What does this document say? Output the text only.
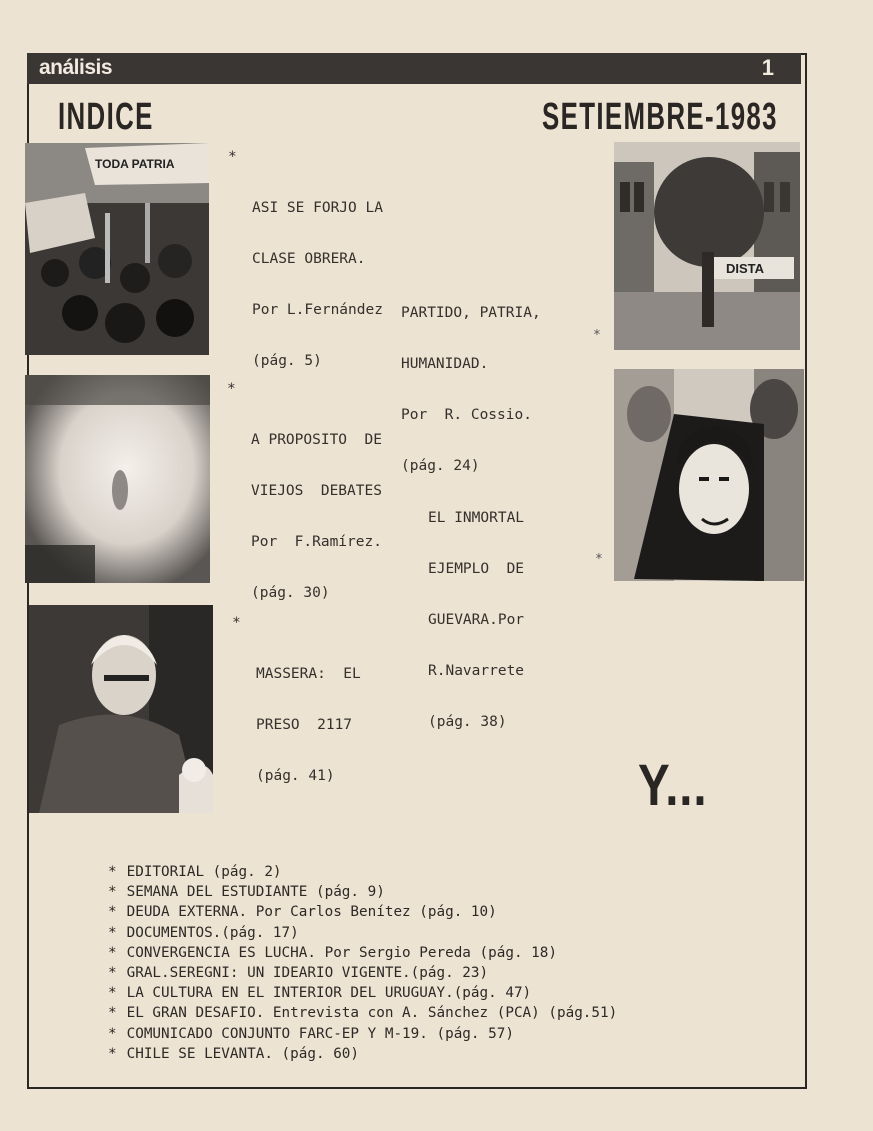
análisis	1
INDICE	SETIEMBRE-1983
TODA PATRIA
DISTA

*

ASI SE FORJO LA

CLASE OBRERA.

Por L.Fernández

(pág. 5)

PARTIDO, PATRIA,

HUMANIDAD.

Por  R. Cossio.

(pág. 24)

*

*

A PROPOSITO  DE

VIEJOS  DEBATES

Por  F.Ramírez.

(pág. 30)

EL INMORTAL

EJEMPLO  DE

GUEVARA.Por

R.Navarrete

(pág. 38)

*

*

MASSERA:  EL

PRESO  2117

(pág. 41)	Y...
* EDITORIAL (pág. 2)
* SEMANA DEL ESTUDIANTE (pág. 9)
* DEUDA EXTERNA. Por Carlos Benítez (pág. 10)
* DOCUMENTOS.(pág. 17)
* CONVERGENCIA ES LUCHA. Por Sergio Pereda (pág. 18)
* GRAL.SEREGNI: UN IDEARIO VIGENTE.(pág. 23)
* LA CULTURA EN EL INTERIOR DEL URUGUAY.(pág. 47)
* EL GRAN DESAFIO. Entrevista con A. Sánchez (PCA) (pág.51)
* COMUNICADO CONJUNTO FARC-EP Y M-19. (pág. 57)
* CHILE SE LEVANTA. (pág. 60)
